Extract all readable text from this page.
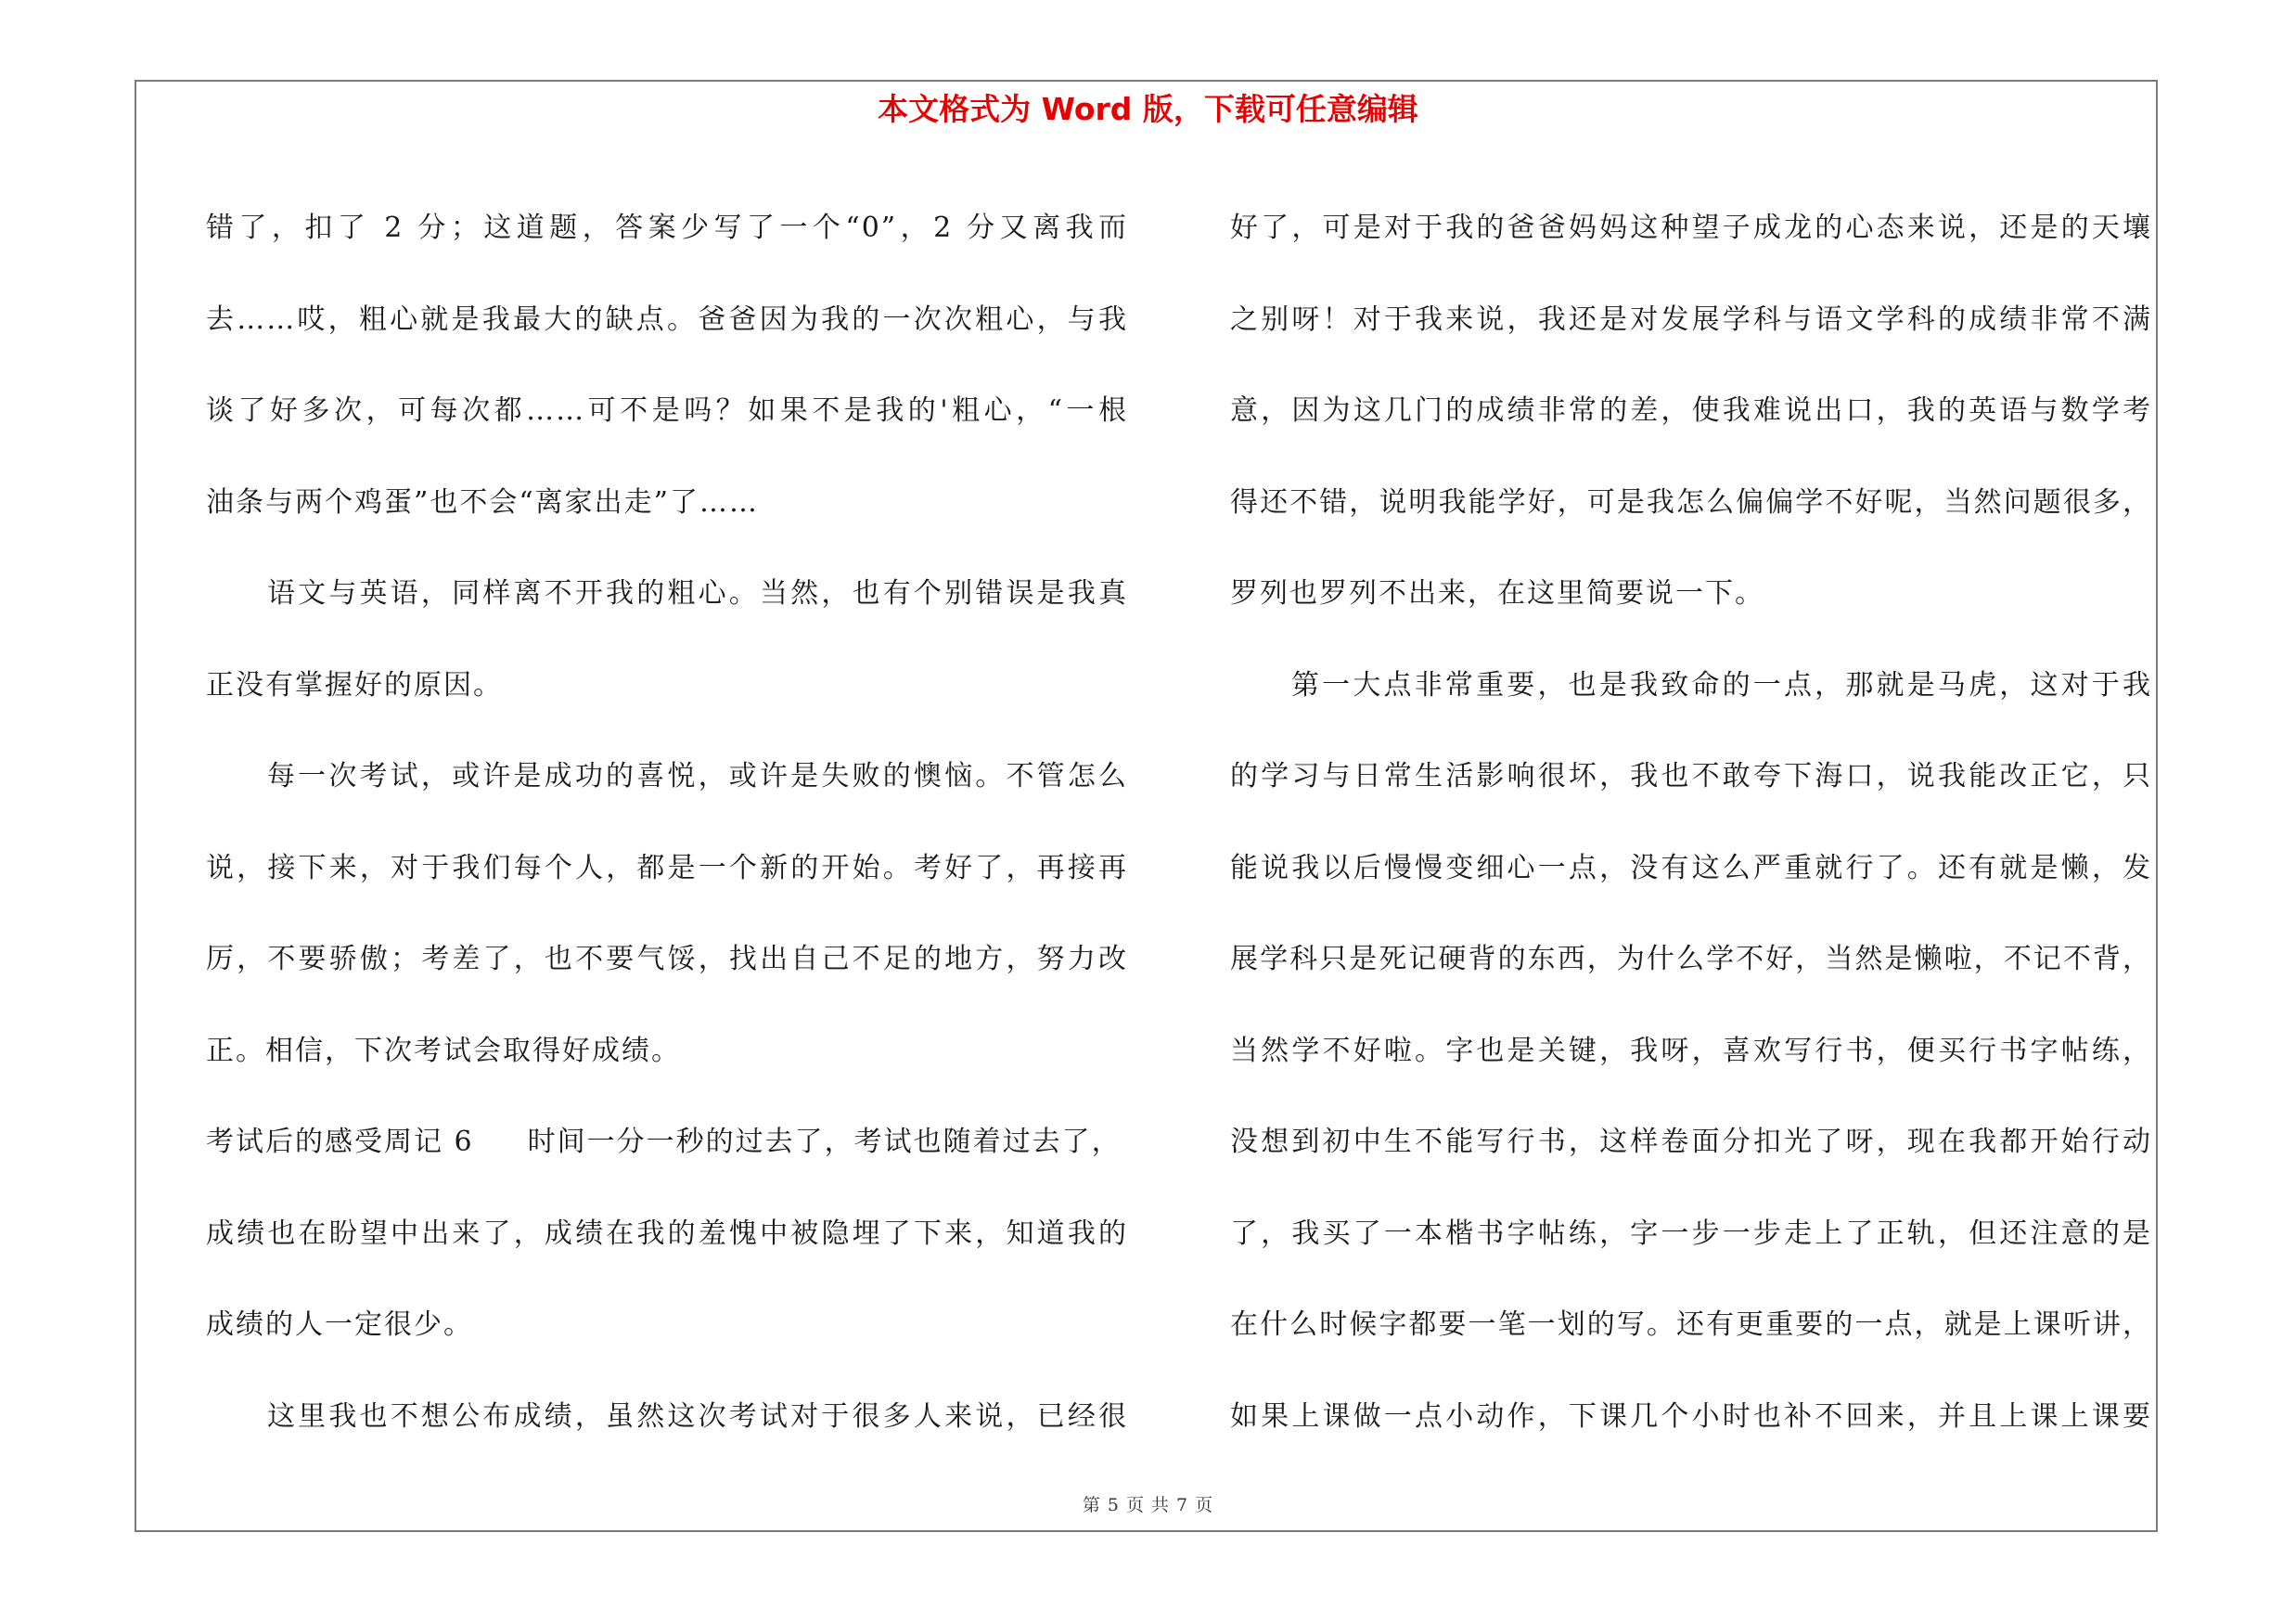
本文格式为 Word 版，下载可任意编辑
错了，扣了 2 分；这道题，答案少写了一个“0”，2 分又离我而
去……哎，粗心就是我最大的缺点。爸爸因为我的一次次粗心，与我
谈了好多次，可每次都……可不是吗？如果不是我的'粗心，“一根
油条与两个鸡蛋”也不会“离家出走”了……
语文与英语，同样离不开我的粗心。当然，也有个别错误是我真
正没有掌握好的原因。
每一次考试，或许是成功的喜悦，或许是失败的懊恼。不管怎么
说，接下来，对于我们每个人，都是一个新的开始。考好了，再接再
厉，不要骄傲；考差了，也不要气馁，找出自己不足的地方，努力改
正。相信，下次考试会取得好成绩。
考试后的感受周记 6 时间一分一秒的过去了，考试也随着过去了，
成绩也在盼望中出来了，成绩在我的羞愧中被隐埋了下来，知道我的
成绩的人一定很少。
这里我也不想公布成绩，虽然这次考试对于很多人来说，已经很
好了，可是对于我的爸爸妈妈这种望子成龙的心态来说，还是的天壤
之别呀！对于我来说，我还是对发展学科与语文学科的成绩非常不满
意，因为这几门的成绩非常的差，使我难说出口，我的英语与数学考
得还不错，说明我能学好，可是我怎么偏偏学不好呢，当然问题很多，
罗列也罗列不出来，在这里简要说一下。
第一大点非常重要，也是我致命的一点，那就是马虎，这对于我
的学习与日常生活影响很坏，我也不敢夸下海口，说我能改正它，只
能说我以后慢慢变细心一点，没有这么严重就行了。还有就是懒，发
展学科只是死记硬背的东西，为什么学不好，当然是懒啦，不记不背，
当然学不好啦。字也是关键，我呀，喜欢写行书，便买行书字帖练，
没想到初中生不能写行书，这样卷面分扣光了呀，现在我都开始行动
了，我买了一本楷书字帖练，字一步一步走上了正轨，但还注意的是
在什么时候字都要一笔一划的写。还有更重要的一点，就是上课听讲，
如果上课做一点小动作，下课几个小时也补不回来，并且上课上课要
第 5 页 共 7 页
